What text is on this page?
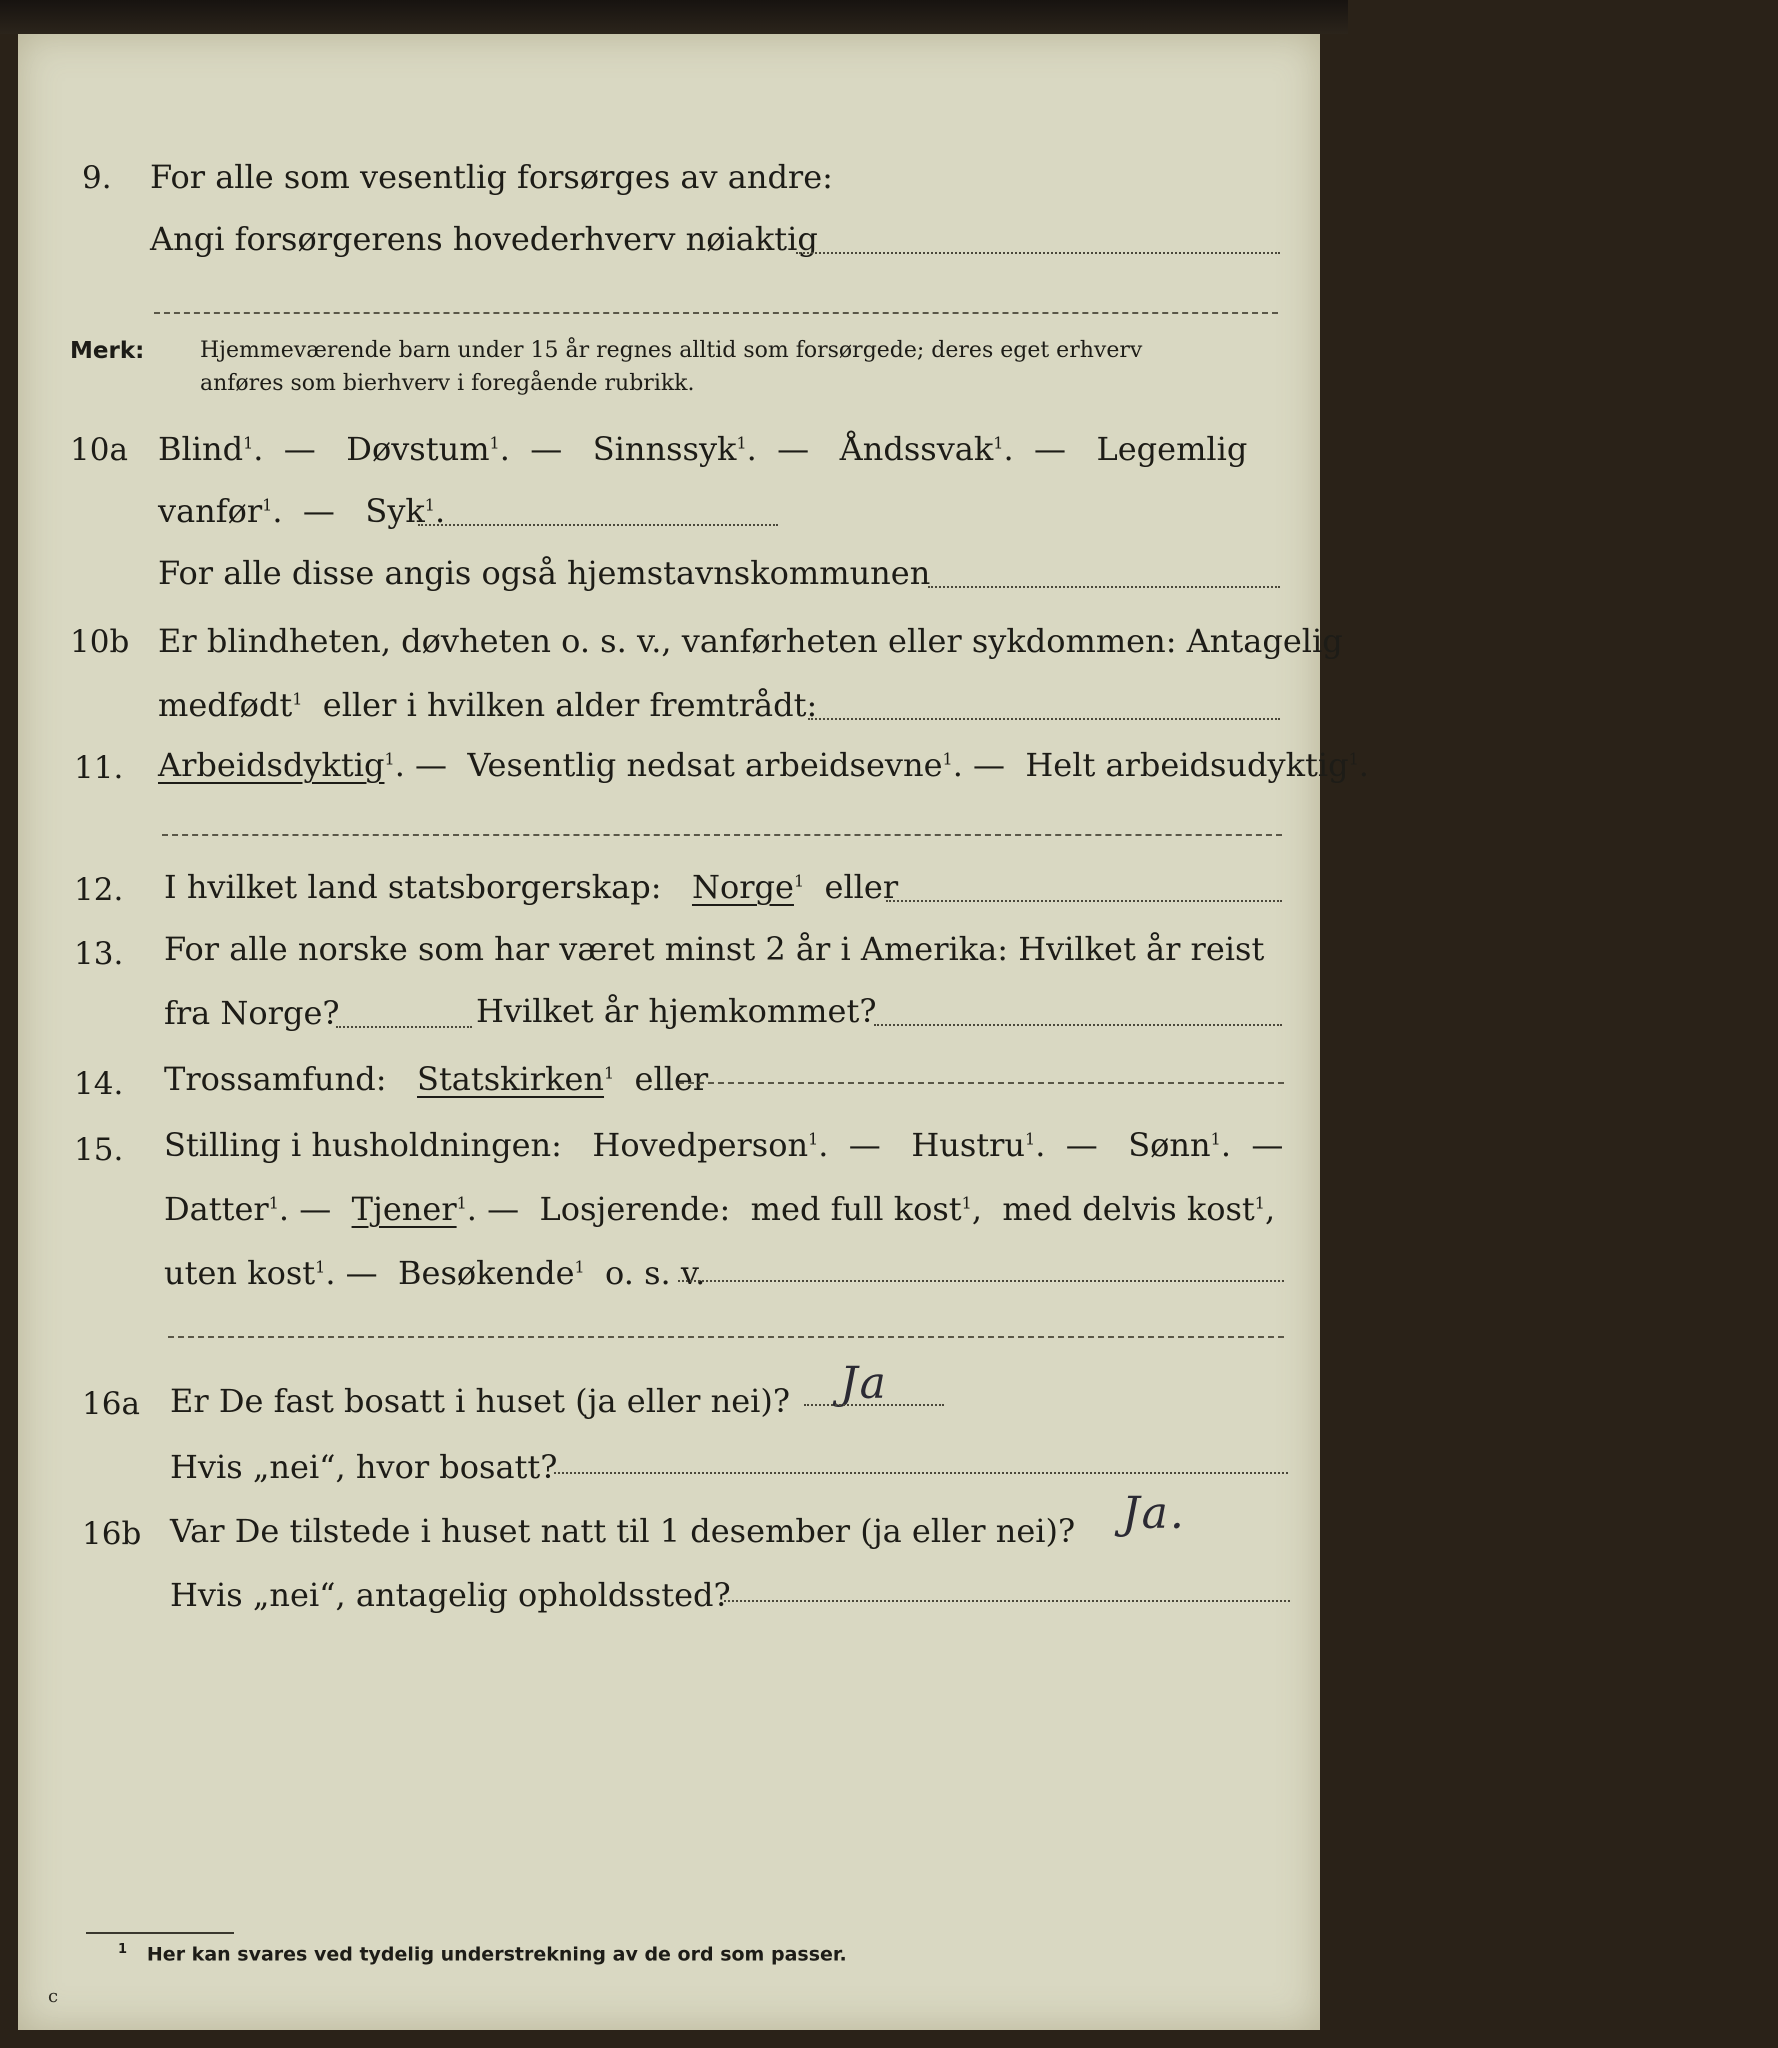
9. For alle som vesentlig forsørges av andre:
Angi forsørgerens hovederhverv nøiaktig
Merk:	Hjemmeværende barn under 15 år regnes alltid som forsørgede; deres eget erhverv
anføres som bierhverv i foregående rubrikk.
10a Blind$^1$.  —   Døvstum$^1$.  —   Sinnssyk$^1$.  —   Åndssvak$^1$.  —   Legemlig
vanfør$^1$.  —   Syk$^1$.
For alle disse angis også hjemstavnskommunen
10b Er blindheten, døvheten o. s. v., vanførheten eller sykdommen: Antagelig
medfødt$^1$ eller i hvilken alder fremtrådt:
11. Arbeidsdyktig$^1$. —  Vesentlig nedsat arbeidsevne$^1$. —  Helt arbeidsudyktig$^1$.
12. I hvilket land statsborgerskap: Norge$^1$ eller
13. For alle norske som har været minst 2 år i Amerika: Hvilket år reist
fra Norge?	Hvilket år hjemkommet?
14. Trossamfund: Statskirken$^1$ eller
15. Stilling i husholdningen: Hovedperson$^1$.  —   Hustru$^1$.  —   Sønn$^1$.  —
Datter$^1$. —  Tjener$^1$. —  Losjerende: med full kost$^1$,  med delvis kost$^1$,
uten kost$^1$. —  Besøkende$^1$ o. s. v.
16a Er De fast bosatt i huset (ja eller nei)?	Ja
Hvis „nei“, hvor bosatt?
16b Var De tilstede i huset natt til 1 desember (ja eller nei)?	Ja.
Hvis „nei“, antagelig opholdssted?
$^1$ Her kan svares ved tydelig understrekning av de ord som passer.
c
